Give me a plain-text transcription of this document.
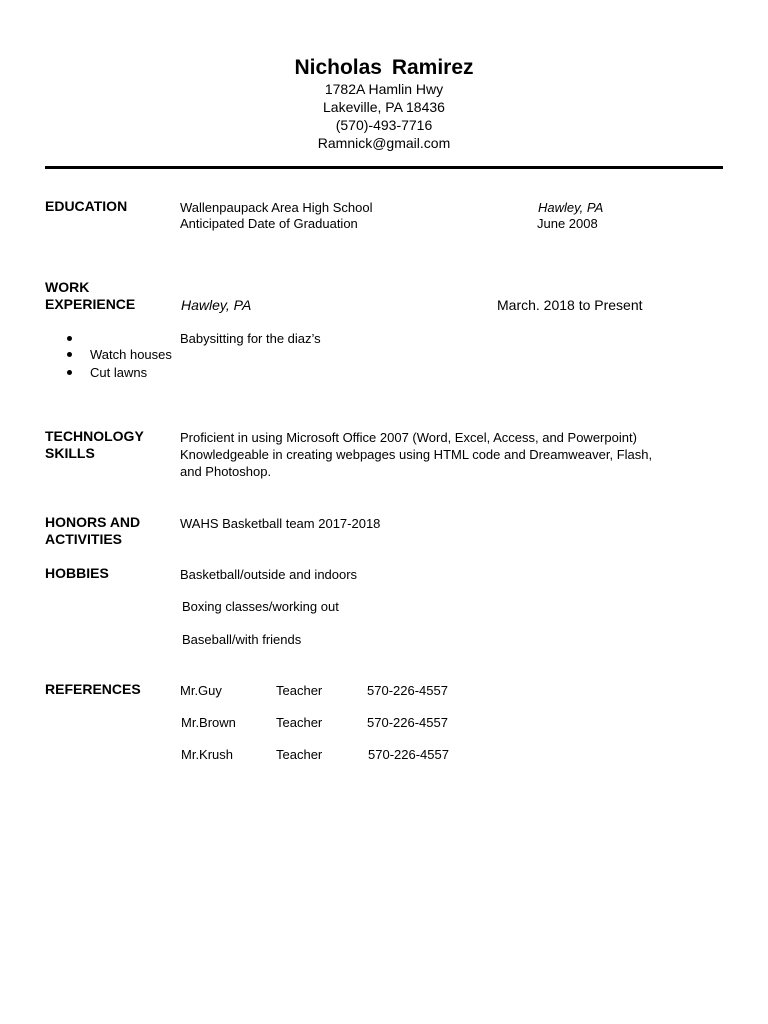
Nicholas Ramirez
1782A Hamlin Hwy
Lakeville, PA 18436
(570)-493-7716
Ramnick@gmail.com
EDUCATION	Wallenpaupack Area High School	Hawley, PA
Anticipated Date of Graduation	June 2008
WORK
EXPERIENCE	Hawley, PA	March. 2018 to Present
Babysitting for the diaz’s
Watch houses
Cut lawns
TECHNOLOGY
SKILLS
Proficient in using Microsoft Office 2007 (Word, Excel, Access, and Powerpoint)
Knowledgeable in creating webpages using HTML code and Dreamweaver, Flash,
and Photoshop.
HONORS AND
ACTIVITIES
WAHS Basketball team 2017-2018
HOBBIES	Basketball/outside and indoors
Boxing classes/working out
Baseball/with friends
REFERENCES	Mr.Guy	Teacher	570-226-4557
Mr.Brown	Teacher	570-226-4557
Mr.Krush	Teacher	570-226-4557
